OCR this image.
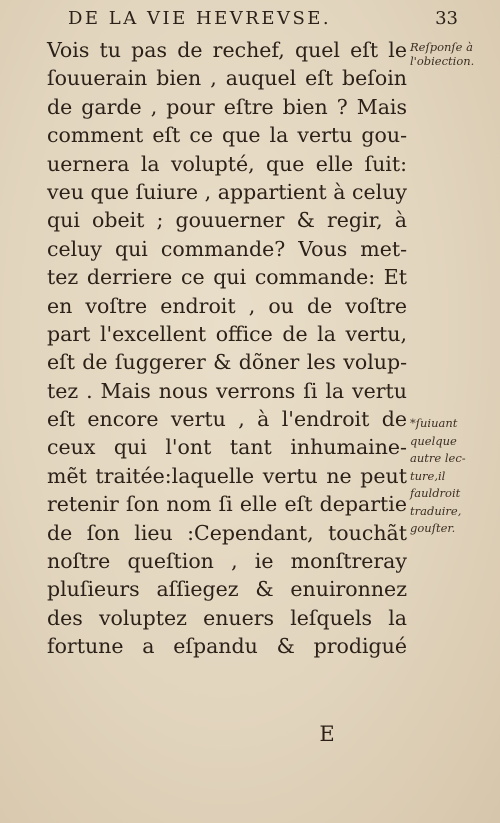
DE LA VIE HEVREVSE.	33
Vois tu pas de rechef, quel eſt le
ſouuerain bien , auquel eſt beſoin
de garde , pour eſtre bien ? Mais
comment eſt ce que la vertu gou-
uernera la volupté, que elle ſuit:
veu que ſuiure , appartient à celuy
qui obeit ; gouuerner & regir, à
celuy qui commande? Vous met-
tez derriere ce qui commande: Et
en voſtre endroit , ou de voſtre
part l'excellent office de la vertu,
eſt de ſuggerer & dõner les volup-
tez . Mais nous verrons ſi la vertu
eſt encore vertu , à l'endroit de
ceux qui l'ont tant inhumaine-
mẽt traitée:laquelle vertu ne peut
retenir ſon nom ſi elle eſt departie
de ſon lieu :Cependant, touchãt
noſtre queſtion , ie monſtreray
pluſieurs aſſiegez & enuironnez
des voluptez enuers leſquels la
fortune a eſpandu & prodigué
Reſponſe à
l'obiection.
*ſuiuant
quelque
autre lec-
ture,il
fauldroit
traduire,
gouſter.
E
